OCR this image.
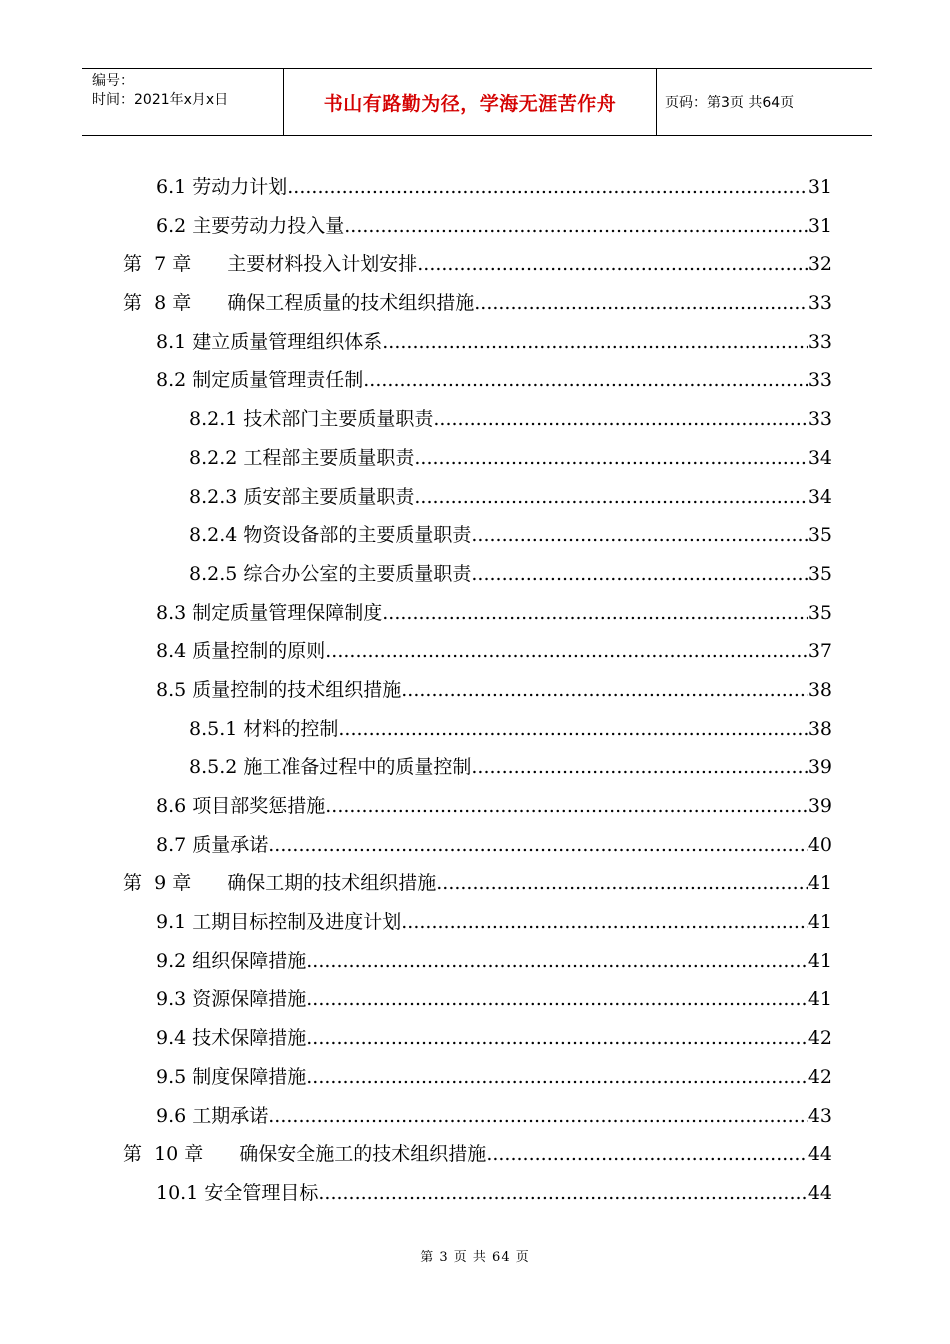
编号：
时间：2021年x月x日	书山有路勤为径，学海无涯苦作舟	页码：第3页 共64页
6.1 劳动力计划 .....	31
6.2 主要劳动力投入量 .....	31
第  7 章 主要材料投入计划安排 .....	32
第  8 章 确保工程质量的技术组织措施 .....	33
8.1 建立质量管理组织体系 .....	33
8.2 制定质量管理责任制 .....	33
8.2.1 技术部门主要质量职责 .....	33
8.2.2 工程部主要质量职责 .....	34
8.2.3 质安部主要质量职责 .....	34
8.2.4 物资设备部的主要质量职责 .....	35
8.2.5 综合办公室的主要质量职责 .....	35
8.3 制定质量管理保障制度 .....	35
8.4 质量控制的原则 .....	37
8.5 质量控制的技术组织措施 .....	38
8.5.1 材料的控制 .....	38
8.5.2 施工准备过程中的质量控制 .....	39
8.6 项目部奖惩措施 .....	39
8.7 质量承诺 .....	40
第  9 章 确保工期的技术组织措施 .....	41
9.1 工期目标控制及进度计划 .....	41
9.2 组织保障措施 .....	41
9.3 资源保障措施 .....	41
9.4 技术保障措施 .....	42
9.5 制度保障措施 .....	42
9.6 工期承诺 .....	43
第  10 章 确保安全施工的技术组织措施 .....	44
10.1 安全管理目标 .....	44
第 3 页 共 64 页
